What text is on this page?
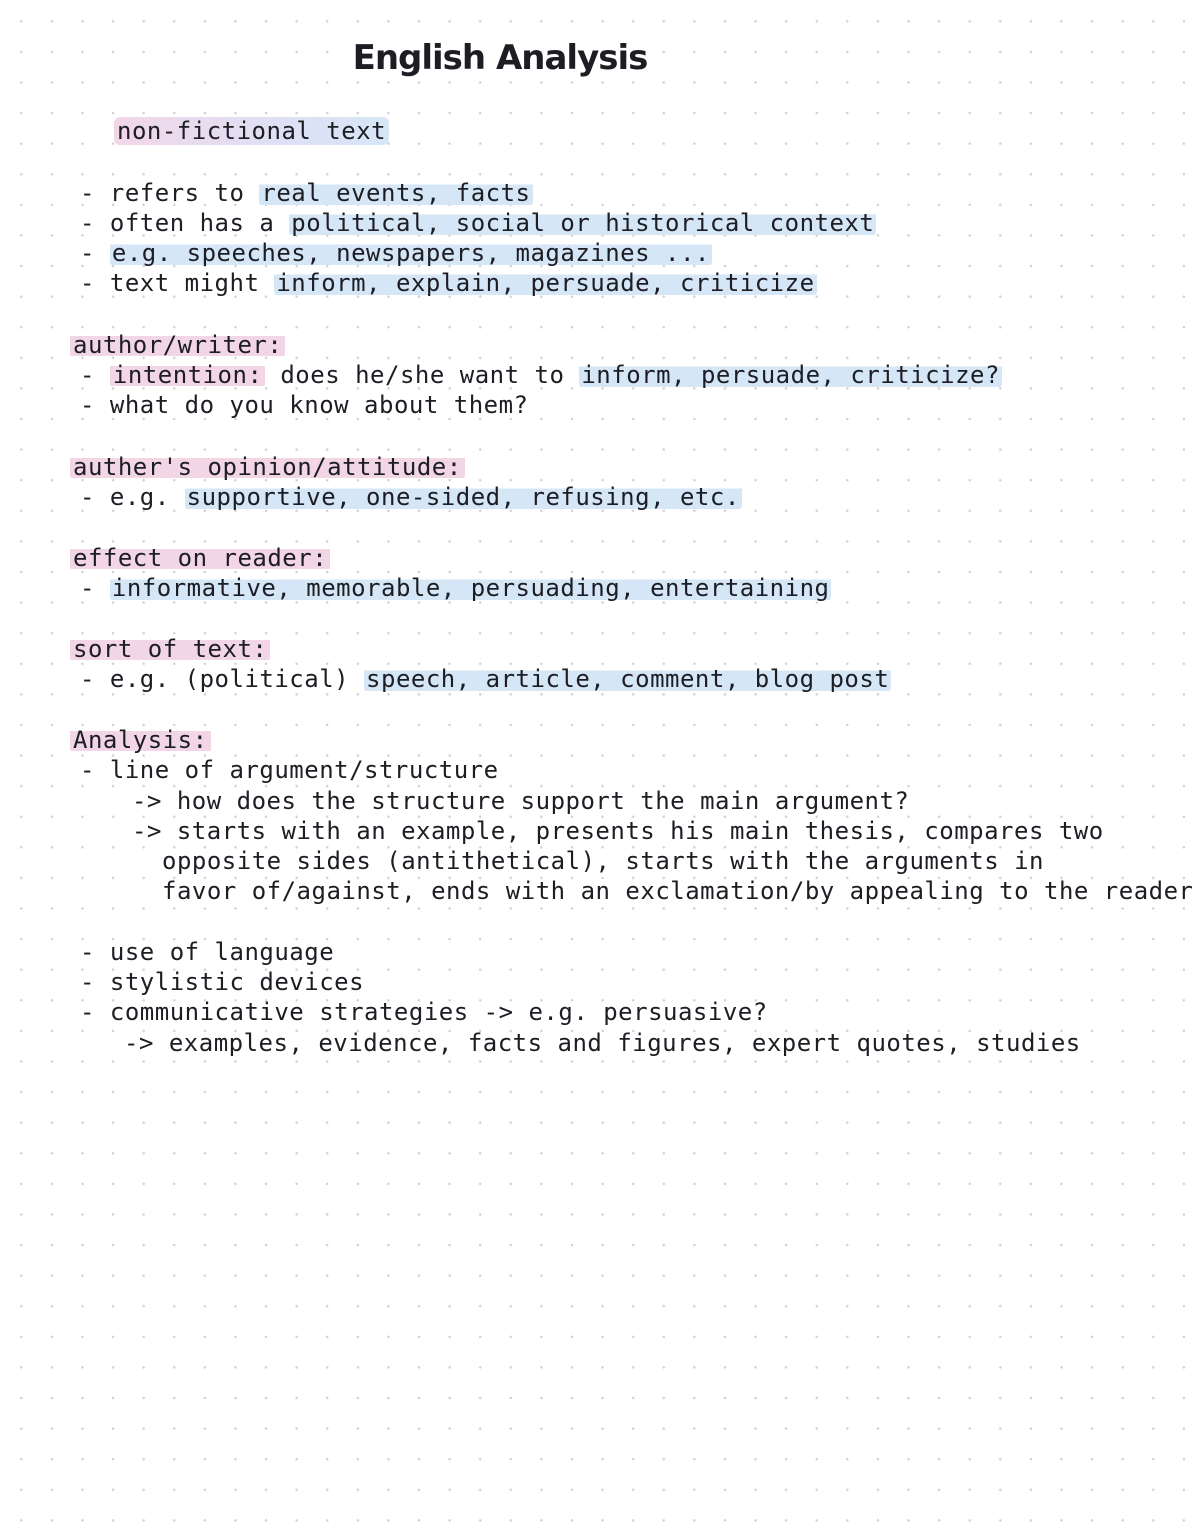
English Analysis
non-fictional text
- refers to real events, facts
- often has a political, social or historical context
- e.g. speeches, newspapers, magazines ...
- text might inform, explain, persuade, criticize
author/writer:
- intention: does he/she want to inform, persuade, criticize?
- what do you know about them?
auther's opinion/attitude:
- e.g. supportive, one-sided, refusing, etc.
effect on reader:
- informative, memorable, persuading, entertaining
sort of text:
- e.g. (political) speech, article, comment, blog post
Analysis:
- line of argument/structure
-> how does the structure support the main argument?
-> starts with an example, presents his main thesis, compares two
opposite sides (antithetical), starts with the arguments in
favor of/against, ends with an exclamation/by appealing to the reader
- use of language
- stylistic devices
- communicative strategies -> e.g. persuasive?
-> examples, evidence, facts and figures, expert quotes, studies
